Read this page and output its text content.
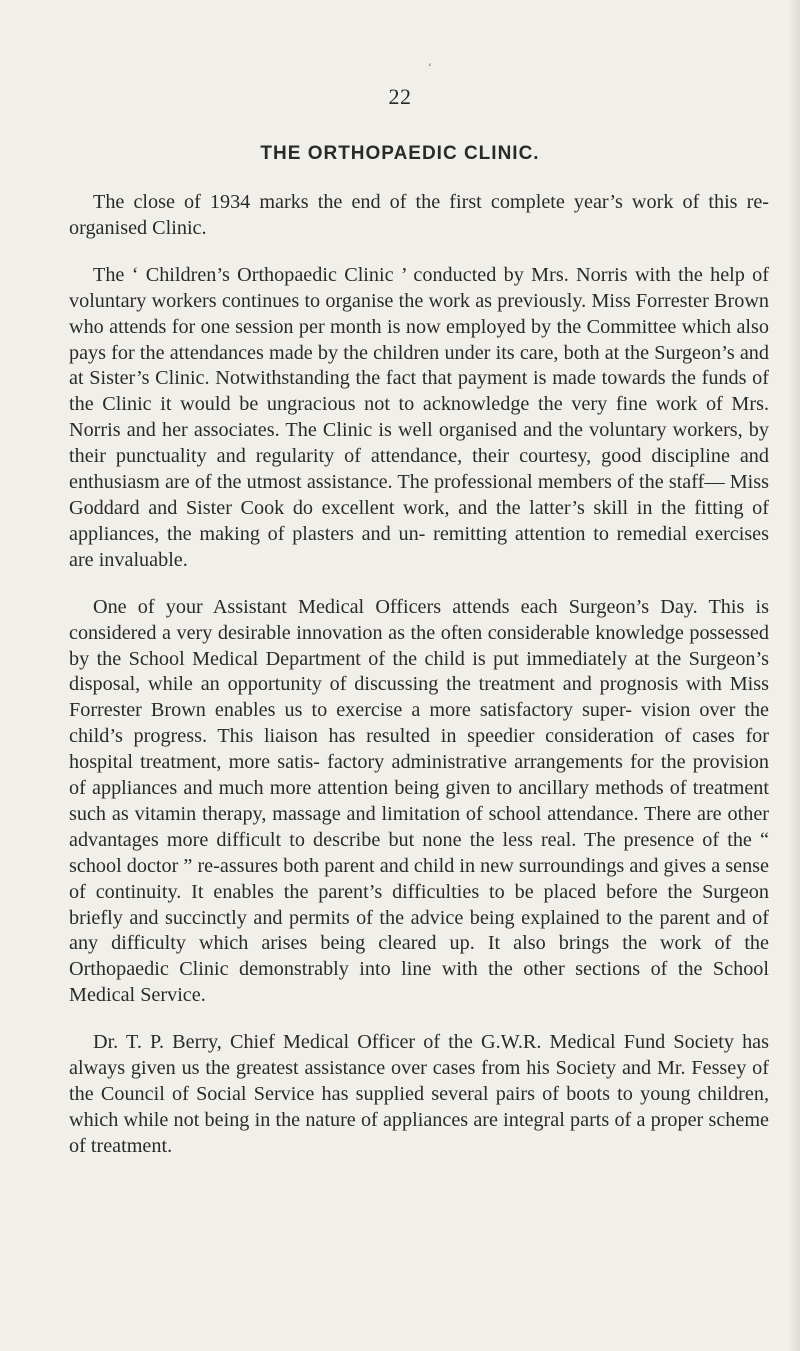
‘
22
THE ORTHOPAEDIC CLINIC.

The close of 1934 marks the end of the first complete year’s work of this re-organised Clinic.

The ‘ Children’s Orthopaedic Clinic ’ conducted by Mrs. Norris with the help of voluntary workers continues to organise the work as previously. Miss Forrester Brown who attends for one session per month is now employed by the Committee which also pays for the attendances made by the children under its care, both at the Surgeon’s and at Sister’s Clinic. Notwithstanding the fact that payment is made towards the funds of the Clinic it would be ungracious not to acknowledge the very fine work of Mrs. Norris and her associates. The Clinic is well organised and the voluntary workers, by their punctuality and regularity of attendance, their courtesy, good discipline and enthusiasm are of the utmost assistance. The professional members of the staff— Miss Goddard and Sister Cook do excellent work, and the latter’s skill in the fitting of appliances, the making of plasters and un- remitting attention to remedial exercises are invaluable.

One of your Assistant Medical Officers attends each Surgeon’s Day. This is considered a very desirable innovation as the often considerable knowledge possessed by the School Medical Department of the child is put immediately at the Surgeon’s disposal, while an opportunity of discussing the treatment and prognosis with Miss Forrester Brown enables us to exercise a more satisfactory super- vision over the child’s progress. This liaison has resulted in speedier consideration of cases for hospital treatment, more satis- factory administrative arrangements for the provision of appliances and much more attention being given to ancillary methods of treatment such as vitamin therapy, massage and limitation of school attendance. There are other advantages more difficult to describe but none the less real. The presence of the “ school doctor ” re-assures both parent and child in new surroundings and gives a sense of continuity. It enables the parent’s difficulties to be placed before the Surgeon briefly and succinctly and permits of the advice being explained to the parent and of any difficulty which arises being cleared up. It also brings the work of the Orthopaedic Clinic demonstrably into line with the other sections of the School Medical Service.

Dr. T. P. Berry, Chief Medical Officer of the G.W.R. Medical Fund Society has always given us the greatest assistance over cases from his Society and Mr. Fessey of the Council of Social Service has supplied several pairs of boots to young children, which while not being in the nature of appliances are integral parts of a proper scheme of treatment.
